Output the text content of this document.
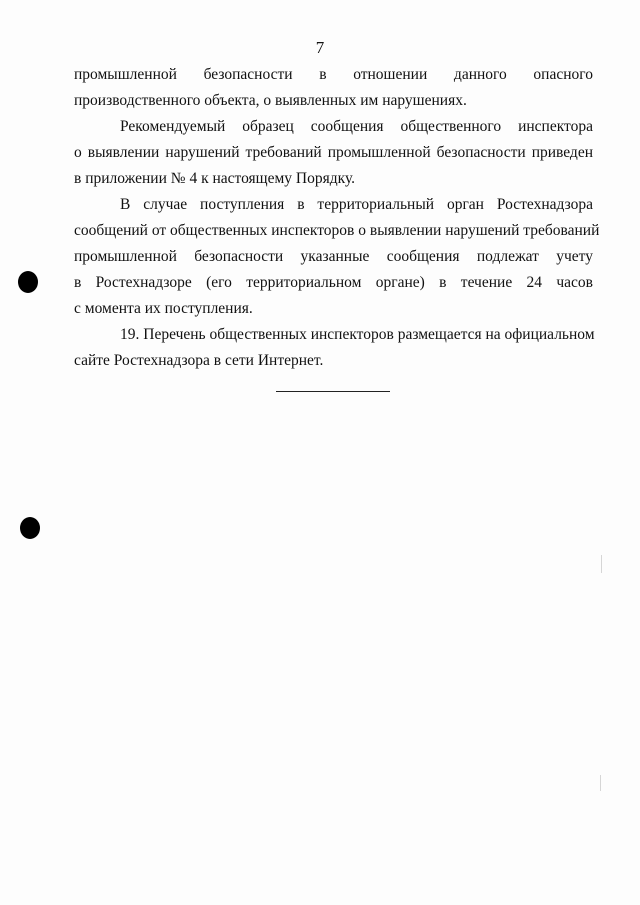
7

промышленной безопасности в отношении данного опасного
производственного объекта, о выявленных им нарушениях.

Рекомендуемый образец сообщения общественного инспектора
о выявлении нарушений требований промышленной безопасности приведен
в приложении № 4 к настоящему Порядку.

В случае поступления в территориальный орган Ростехнадзора
сообщений от общественных инспекторов о выявлении нарушений требований
промышленной безопасности указанные сообщения подлежат учету
в Ростехнадзоре (его территориальном органе) в течение 24 часов
с момента их поступления.

19. Перечень общественных инспекторов размещается на официальном
сайте Ростехнадзора в сети Интернет.
